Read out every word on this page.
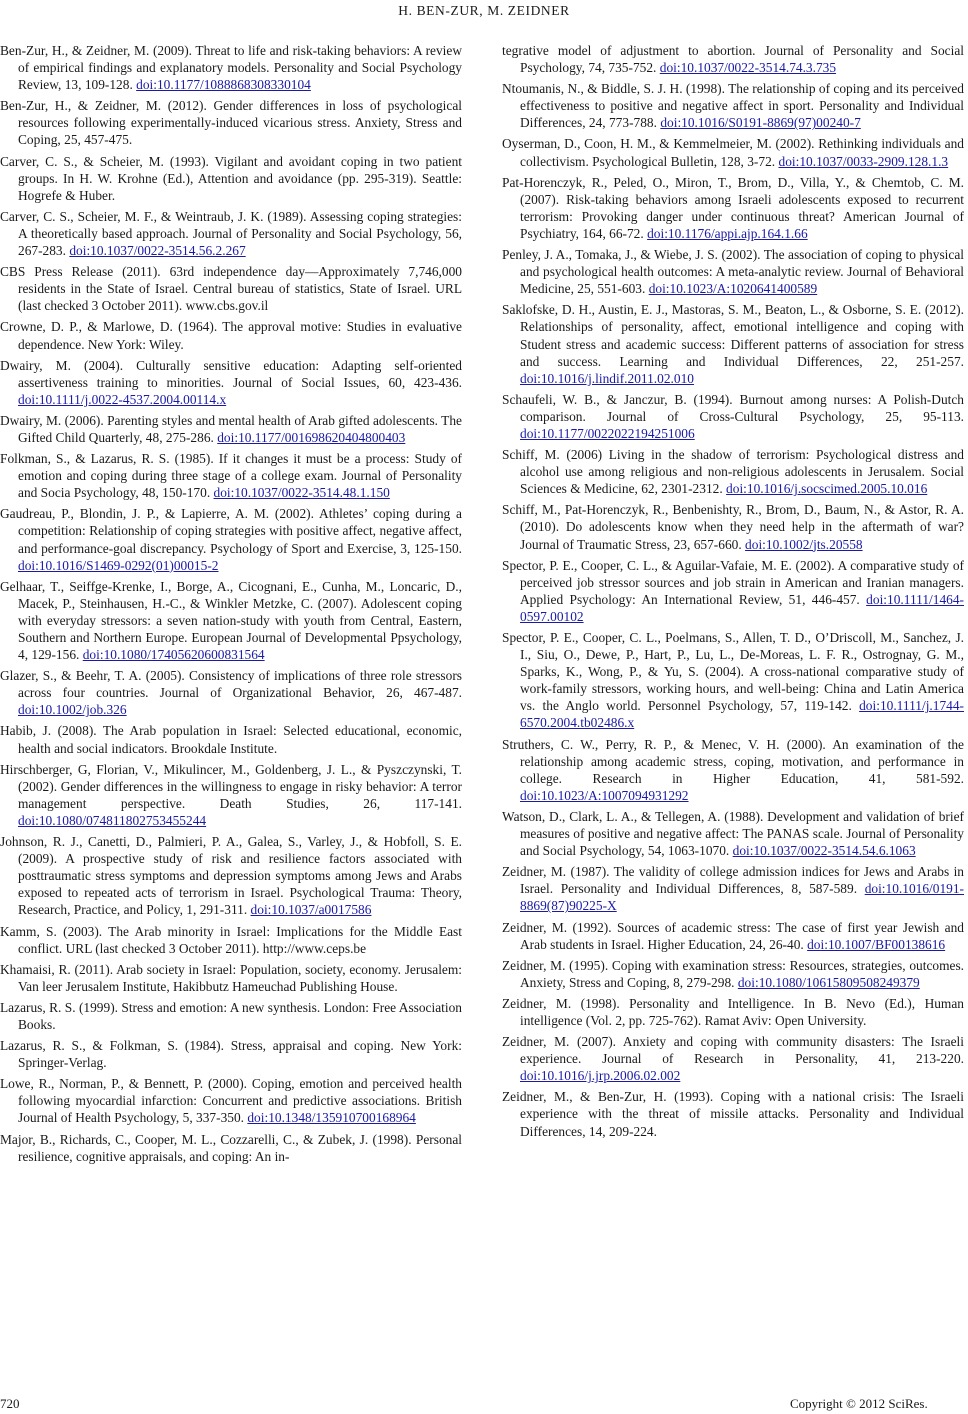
H. BEN-ZUR, M. ZEIDNER

Ben-Zur, H., & Zeidner, M. (2009). Threat to life and risk-taking behaviors: A review of empirical findings and explanatory models. Personality and Social Psychology Review, 13, 109-128. doi:10.1177/1088868308330104

Ben-Zur, H., & Zeidner, M. (2012). Gender differences in loss of psychological resources following experimentally-induced vicarious stress. Anxiety, Stress and Coping, 25, 457-475.

Carver, C. S., & Scheier, M. (1993). Vigilant and avoidant coping in two patient groups. In H. W. Krohne (Ed.), Attention and avoidance (pp. 295-319). Seattle: Hogrefe & Huber.

Carver, C. S., Scheier, M. F., & Weintraub, J. K. (1989). Assessing coping strategies: A theoretically based approach. Journal of Personality and Social Psychology, 56, 267-283. doi:10.1037/0022-3514.56.2.267

CBS Press Release (2011). 63rd independence day—Approximately 7,746,000 residents in the State of Israel. Central bureau of statistics, State of Israel. URL (last checked 3 October 2011). www.cbs.gov.il

Crowne, D. P., & Marlowe, D. (1964). The approval motive: Studies in evaluative dependence. New York: Wiley.

Dwairy, M. (2004). Culturally sensitive education: Adapting self-oriented assertiveness training to minorities. Journal of Social Issues, 60, 423-436. doi:10.1111/j.0022-4537.2004.00114.x

Dwairy, M. (2006). Parenting styles and mental health of Arab gifted adolescents. The Gifted Child Quarterly, 48, 275-286. doi:10.1177/001698620404800403

Folkman, S., & Lazarus, R. S. (1985). If it changes it must be a process: Study of emotion and coping during three stage of a college exam. Journal of Personality and Socia Psychology, 48, 150-170. doi:10.1037/0022-3514.48.1.150

Gaudreau, P., Blondin, J. P., & Lapierre, A. M. (2002). Athletes’ coping during a competition: Relationship of coping strategies with positive affect, negative affect, and performance-goal discrepancy. Psychology of Sport and Exercise, 3, 125-150. doi:10.1016/S1469-0292(01)00015-2

Gelhaar, T., Seiffge-Krenke, I., Borge, A., Cicognani, E., Cunha, M., Loncaric, D., Macek, P., Steinhausen, H.-C., & Winkler Metzke, C. (2007). Adolescent coping with everyday stressors: a seven nation-study with youth from Central, Eastern, Southern and Northern Europe. European Journal of Developmental Ppsychology, 4, 129-156. doi:10.1080/17405620600831564

Glazer, S., & Beehr, T. A. (2005). Consistency of implications of three role stressors across four countries. Journal of Organizational Behavior, 26, 467-487. doi:10.1002/job.326

Habib, J. (2008). The Arab population in Israel: Selected educational, economic, health and social indicators. Brookdale Institute.

Hirschberger, G, Florian, V., Mikulincer, M., Goldenberg, J. L., & Pyszczynski, T. (2002). Gender differences in the willingness to engage in risky behavior: A terror management perspective. Death Studies, 26, 117-141. doi:10.1080/074811802753455244

Johnson, R. J., Canetti, D., Palmieri, P. A., Galea, S., Varley, J., & Hobfoll, S. E. (2009). A prospective study of risk and resilience factors associated with posttraumatic stress symptoms and depression symptoms among Jews and Arabs exposed to repeated acts of terrorism in Israel. Psychological Trauma: Theory, Research, Practice, and Policy, 1, 291-311. doi:10.1037/a0017586

Kamm, S. (2003). The Arab minority in Israel: Implications for the Middle East conflict. URL (last checked 3 October 2011). http://www.ceps.be

Khamaisi, R. (2011). Arab society in Israel: Population, society, economy. Jerusalem: Van leer Jerusalem Institute, Hakibbutz Hameuchad Publishing House.

Lazarus, R. S. (1999). Stress and emotion: A new synthesis. London: Free Association Books.

Lazarus, R. S., & Folkman, S. (1984). Stress, appraisal and coping. New York: Springer-Verlag.

Lowe, R., Norman, P., & Bennett, P. (2000). Coping, emotion and perceived health following myocardial infarction: Concurrent and predictive associations. British Journal of Health Psychology, 5, 337-350. doi:10.1348/135910700168964

Major, B., Richards, C., Cooper, M. L., Cozzarelli, C., & Zubek, J. (1998). Personal resilience, cognitive appraisals, and coping: An in-

tegrative model of adjustment to abortion. Journal of Personality and Social Psychology, 74, 735-752. doi:10.1037/0022-3514.74.3.735

Ntoumanis, N., & Biddle, S. J. H. (1998). The relationship of coping and its perceived effectiveness to positive and negative affect in sport. Personality and Individual Differences, 24, 773-788. doi:10.1016/S0191-8869(97)00240-7

Oyserman, D., Coon, H. M., & Kemmelmeier, M. (2002). Rethinking individuals and collectivism. Psychological Bulletin, 128, 3-72. doi:10.1037/0033-2909.128.1.3

Pat-Horenczyk, R., Peled, O., Miron, T., Brom, D., Villa, Y., & Chemtob, C. M. (2007). Risk-taking behaviors among Israeli adolescents exposed to recurrent terrorism: Provoking danger under continuous threat? American Journal of Psychiatry, 164, 66-72. doi:10.1176/appi.ajp.164.1.66

Penley, J. A., Tomaka, J., & Wiebe, J. S. (2002). The association of coping to physical and psychological health outcomes: A meta-analytic review. Journal of Behavioral Medicine, 25, 551-603. doi:10.1023/A:1020641400589

Saklofske, D. H., Austin, E. J., Mastoras, S. M., Beaton, L., & Osborne, S. E. (2012). Relationships of personality, affect, emotional intelligence and coping with Student stress and academic success: Different patterns of association for stress and success. Learning and Individual Differences, 22, 251-257. doi:10.1016/j.lindif.2011.02.010

Schaufeli, W. B., & Janczur, B. (1994). Burnout among nurses: A Polish-Dutch comparison. Journal of Cross-Cultural Psychology, 25, 95-113. doi:10.1177/0022022194251006

Schiff, M. (2006) Living in the shadow of terrorism: Psychological distress and alcohol use among religious and non-religious adolescents in Jerusalem. Social Sciences & Medicine, 62, 2301-2312. doi:10.1016/j.socscimed.2005.10.016

Schiff, M., Pat-Horenczyk, R., Benbenishty, R., Brom, D., Baum, N., & Astor, R. A. (2010). Do adolescents know when they need help in the aftermath of war? Journal of Traumatic Stress, 23, 657-660. doi:10.1002/jts.20558

Spector, P. E., Cooper, C. L., & Aguilar-Vafaie, M. E. (2002). A comparative study of perceived job stressor sources and job strain in American and Iranian managers. Applied Psychology: An International Review, 51, 446-457. doi:10.1111/1464-0597.00102

Spector, P. E., Cooper, C. L., Poelmans, S., Allen, T. D., O’Driscoll, M., Sanchez, J. I., Siu, O., Dewe, P., Hart, P., Lu, L., De-Moreas, L. F. R., Ostrognay, G. M., Sparks, K., Wong, P., & Yu, S. (2004). A cross-national comparative study of work-family stressors, working hours, and well-being: China and Latin America vs. the Anglo world. Personnel Psychology, 57, 119-142. doi:10.1111/j.1744-6570.2004.tb02486.x

Struthers, C. W., Perry, R. P., & Menec, V. H. (2000). An examination of the relationship among academic stress, coping, motivation, and performance in college. Research in Higher Education, 41, 581-592. doi:10.1023/A:1007094931292

Watson, D., Clark, L. A., & Tellegen, A. (1988). Development and validation of brief measures of positive and negative affect: The PANAS scale. Journal of Personality and Social Psychology, 54, 1063-1070. doi:10.1037/0022-3514.54.6.1063

Zeidner, M. (1987). The validity of college admission indices for Jews and Arabs in Israel. Personality and Individual Differences, 8, 587-589. doi:10.1016/0191-8869(87)90225-X

Zeidner, M. (1992). Sources of academic stress: The case of first year Jewish and Arab students in Israel. Higher Education, 24, 26-40. doi:10.1007/BF00138616

Zeidner, M. (1995). Coping with examination stress: Resources, strategies, outcomes. Anxiety, Stress and Coping, 8, 279-298. doi:10.1080/10615809508249379

Zeidner, M. (1998). Personality and Intelligence. In B. Nevo (Ed.), Human intelligence (Vol. 2, pp. 725-762). Ramat Aviv: Open University.

Zeidner, M. (2007). Anxiety and coping with community disasters: The Israeli experience. Journal of Research in Personality, 41, 213-220. doi:10.1016/j.jrp.2006.02.002

Zeidner, M., & Ben-Zur, H. (1993). Coping with a national crisis: The Israeli experience with the threat of missile attacks. Personality and Individual Differences, 14, 209-224.

720	Copyright © 2012 SciRes.
